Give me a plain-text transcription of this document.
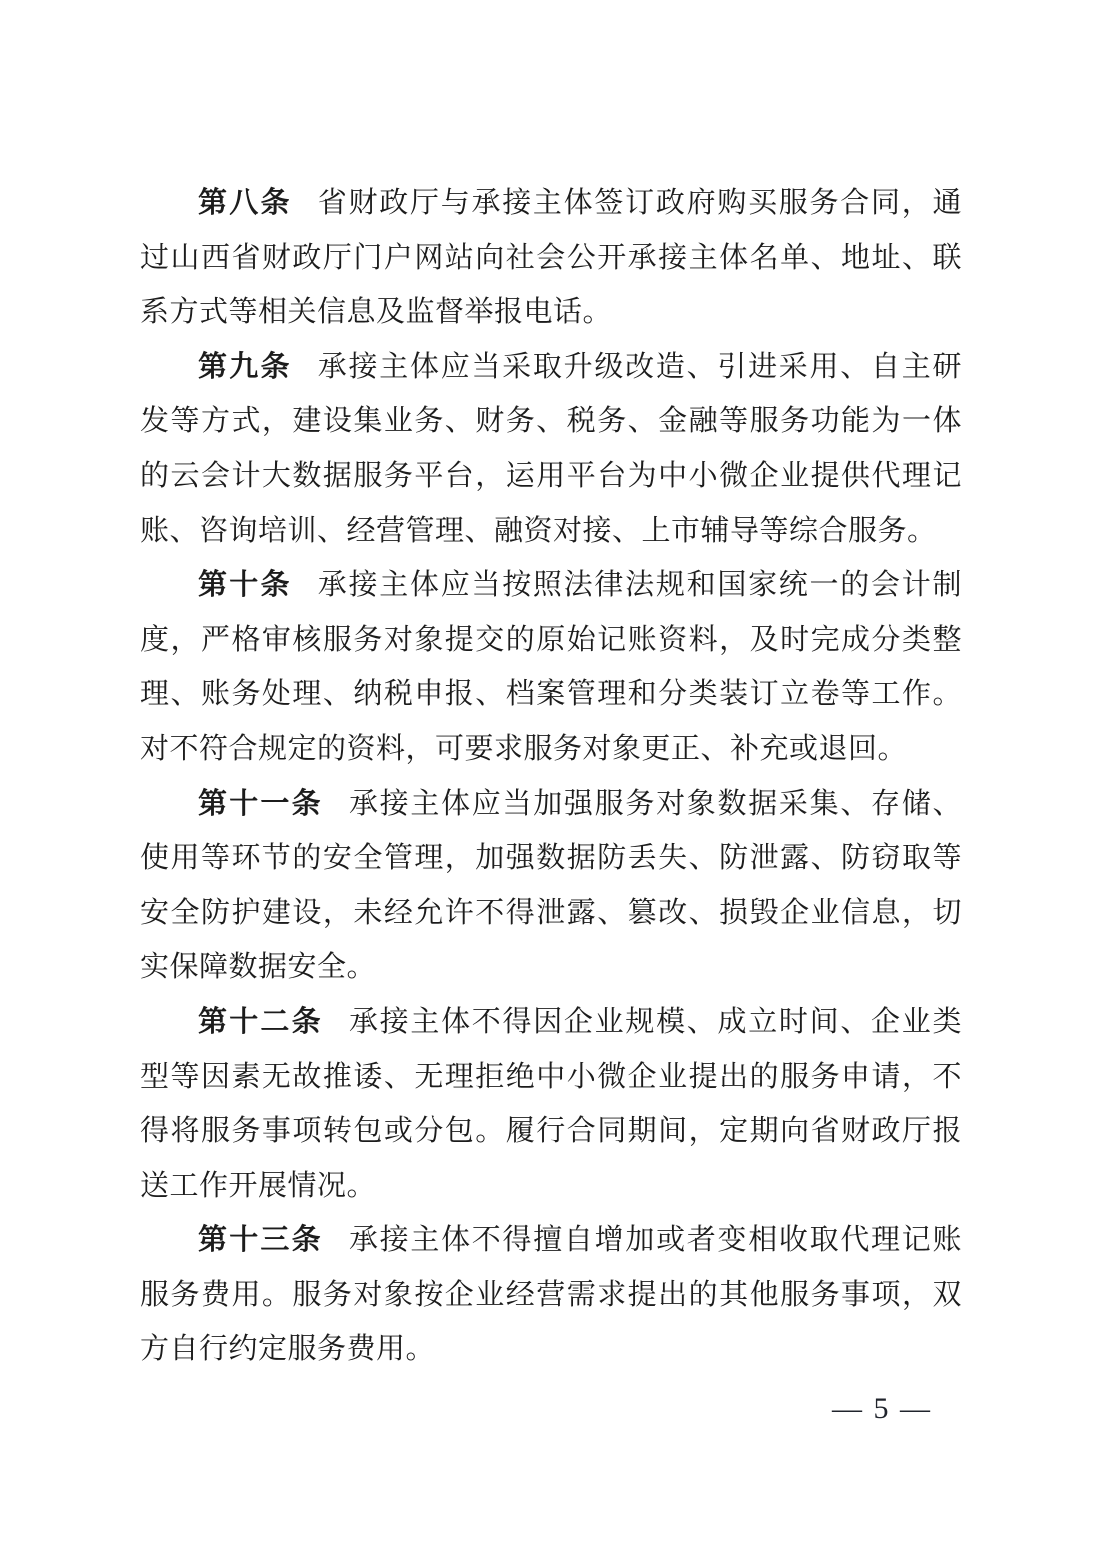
第八条 省财政厅与承接主体签订政府购买服务合同，通过山西省财政厅门户网站向社会公开承接主体名单、地址、联系方式等相关信息及监督举报电话。

第九条 承接主体应当采取升级改造、引进采用、自主研发等方式，建设集业务、财务、税务、金融等服务功能为一体的云会计大数据服务平台，运用平台为中小微企业提供代理记账、咨询培训、经营管理、融资对接、上市辅导等综合服务。

第十条 承接主体应当按照法律法规和国家统一的会计制度，严格审核服务对象提交的原始记账资料，及时完成分类整理、账务处理、纳税申报、档案管理和分类装订立卷等工作。对不符合规定的资料，可要求服务对象更正、补充或退回。

第十一条 承接主体应当加强服务对象数据采集、存储、使用等环节的安全管理，加强数据防丢失、防泄露、防窃取等安全防护建设，未经允许不得泄露、篡改、损毁企业信息，切实保障数据安全。

第十二条 承接主体不得因企业规模、成立时间、企业类型等因素无故推诿、无理拒绝中小微企业提出的服务申请，不得将服务事项转包或分包。履行合同期间，定期向省财政厅报送工作开展情况。

第十三条 承接主体不得擅自增加或者变相收取代理记账服务费用。服务对象按企业经营需求提出的其他服务事项，双方自行约定服务费用。

— 5 —
